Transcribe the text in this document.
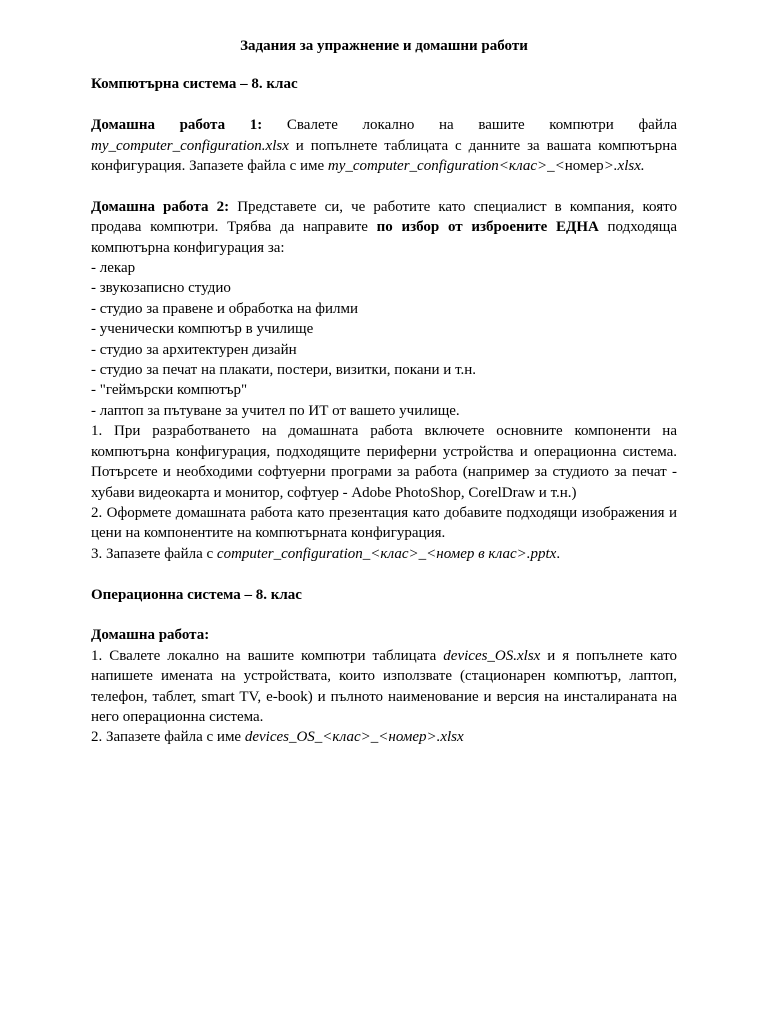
Задания за упражнение и домашни работи
Компютърна система – 8. клас

Домашна работа 1: Свалете локално на вашите компютри файла my_computer_configuration.xlsx и попълнете таблицата с данните за вашата компютърна конфигурация. Запазете файла с име my_computer_configuration<клас>_<номер>.xlsx.

Домашна работа 2: Представете си, че работите като специалист в компания, която продава компютри. Трябва да направите по избор от изброените ЕДНА подходяща компютърна конфигурация за:

- лекар
- звукозаписно студио
- студио за правене и обработка на филми
- ученически компютър в училище
- студио за архитектурен дизайн
- студио за печат на плакати, постери, визитки, покани и т.н.
- "геймърски компютър"
- лаптоп за пътуване за учител по ИТ от вашето училище.

1. При разработването на домашната работа включете основните компоненти на компютърна конфигурация, подходящите периферни устройства и операционна система. Потърсете и необходими софтуерни програми за работа (например за студиото за печат - хубави видеокарта и монитор, софтуер - Adobe PhotoShop, CorelDraw и т.н.)

2. Оформете домашната работа като презентация като добавите подходящи изображения и цени на компонентите на компютърната конфигурация.

3. Запазете файла с computer_configuration_<клас>_<номер в клас>.pptx.

Операционна система – 8. клас
Домашна работа:

1. Свалете локално на вашите компютри таблицата devices_OS.xlsx и я попълнете като напишете имената на устройствата, които използвате (стационарен компютър, лаптоп, телефон, таблет, smart TV, e-book) и пълното наименование и версия на инсталираната на него операционна система.

2. Запазете файла с име devices_OS_<клас>_<номер>.xlsx
